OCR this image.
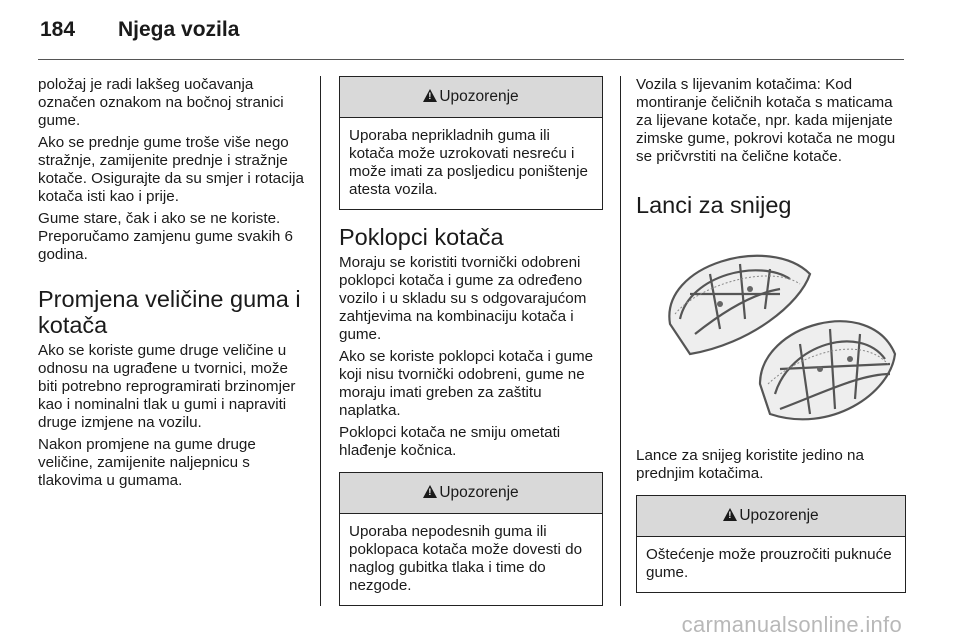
184 Njega vozila

položaj je radi lakšeg uočavanja označen oznakom na bočnoj stranici gume.

Ako se prednje gume troše više nego stražnje, zamijenite prednje i stražnje kotače. Osigurajte da su smjer i rotacija kotača isti kao i prije.

Gume stare, čak i ako se ne koriste. Preporučamo zamjenu gume svakih 6 godina.

Promjena veličine guma i kotača

Ako se koriste gume druge veličine u odnosu na ugrađene u tvornici, može biti potrebno reprogramirati brzinomjer kao i nominalni tlak u gumi i napraviti druge izmjene na vozilu.

Nakon promjene na gume druge veličine, zamijenite naljepnicu s tlakovima u gumama.

!Upozorenje
Uporaba neprikladnih guma ili kotača može uzrokovati nesreću i može imati za posljedicu poništenje atesta vozila.
Poklopci kotača

Moraju se koristiti tvornički odobreni poklopci kotača i gume za određeno vozilo i u skladu su s odgovarajućom zahtjevima na kombinaciju kotača i gume.

Ako se koriste poklopci kotača i gume koji nisu tvornički odobreni, gume ne moraju imati greben za zaštitu naplatka.

Poklopci kotača ne smiju ometati hlađenje kočnica.

!Upozorenje
Uporaba nepodesnih guma ili poklopaca kotača može dovesti do naglog gubitka tlaka i time do nezgode.

Vozila s lijevanim kotačima: Kod montiranje čeličnih kotača s maticama za lijevane kotače, npr. kada mijenjate zimske gume, pokrovi kotača ne mogu se pričvrstiti na čelične kotače.

Lanci za snijeg

Lance za snijeg koristite jedino na prednjim kotačima.

!Upozorenje
Oštećenje može prouzročiti puknuće gume.
carmanualsonline.info
